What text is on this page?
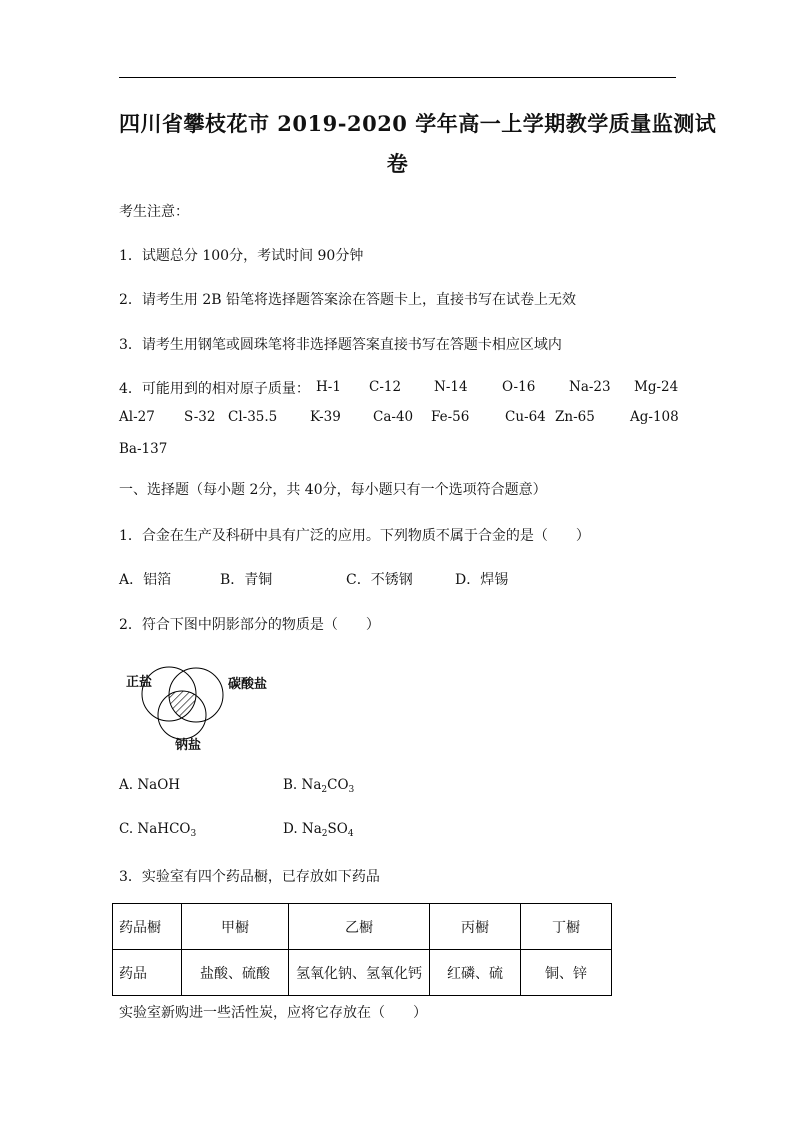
四川省攀枝花市 2019-2020 学年高一上学期教学质量监测试
卷
考生注意：
1．试题总分 100分，考试时间 90分钟
2．请考生用 2B 铅笔将选择题答案涂在答题卡上，直接书写在试卷上无效
3．请考生用钢笔或圆珠笔将非选择题答案直接书写在答题卡相应区域内
4．可能用到的相对原子质量： H-1 C-12 N-14	O-16 Na-23 Mg-24
Al-27 S-32 Cl-35.5 K-39 Ca-40 Fe-56	Cu-64 Zn-65	Ag-108
Ba-137
一、选择题（每小题 2分，共 40分，每小题只有一个选项符合题意）
1．合金在生产及科研中具有广泛的应用。下列物质不属于合金的是（　　）
A．铝箔	B．青铜	C．不锈钢	D．焊锡
2．符合下图中阴影部分的物质是（　　）
正盐	碳酸盐
钠盐
A. NaOH	B. $Na_2CO_3$
C. NaHCO$_3$	D. $Na_2SO_4$
3．实验室有四个药品橱，已存放如下药品
药品橱	甲橱	乙橱	丙橱	丁橱
药品	盐酸、硫酸	氢氧化钠、氢氧化钙	红磷、硫	铜、锌
实验室新购进一些活性炭，应将它存放在（　　）
